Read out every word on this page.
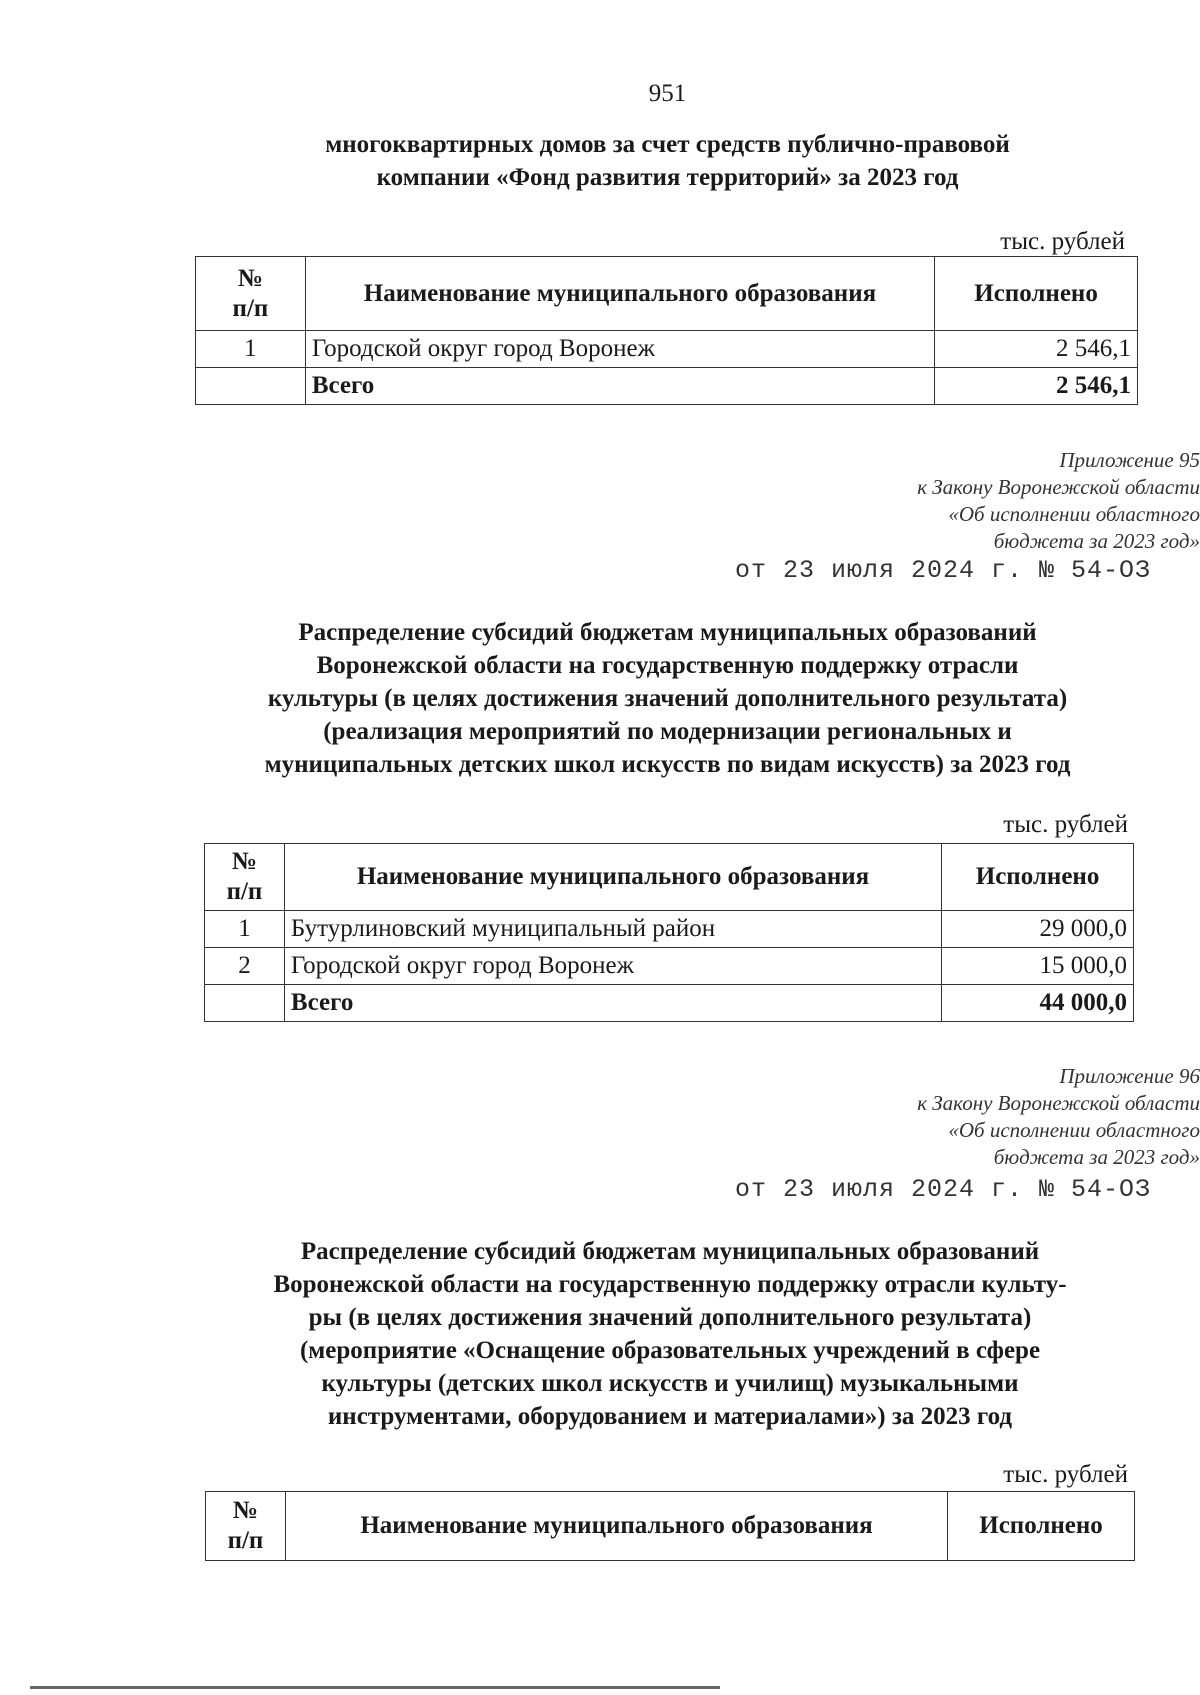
951
многоквартирных домов за счет средств публично-правовой
компании «Фонд развития территорий» за 2023 год
тыс. рублей
№
п/п	Наименование муниципального образования	Исполнено
1	Городской округ город Воронеж	2 546,1
	Всего	2 546,1
Приложение 95
к Закону Воронежской области
«Об исполнении областного
бюджета за 2023 год»
от 23 июля 2024 г. № 54-ОЗ
Распределение субсидий бюджетам муниципальных образований
Воронежской области на государственную поддержку отрасли
культуры (в целях достижения значений дополнительного результата)
(реализация мероприятий по модернизации региональных и
муниципальных детских школ искусств по видам искусств) за 2023 год
тыс. рублей
№
п/п	Наименование муниципального образования	Исполнено
1	Бутурлиновский муниципальный район	29 000,0
2	Городской округ город Воронеж	15 000,0
	Всего	44 000,0
Приложение 96
к Закону Воронежской области
«Об исполнении областного
бюджета за 2023 год»
от 23 июля 2024 г. № 54-ОЗ
Распределение субсидий бюджетам муниципальных образований
Воронежской области на государственную поддержку отрасли культу-
ры (в целях достижения значений дополнительного результата)
(мероприятие «Оснащение образовательных учреждений в сфере
культуры (детских школ искусств и училищ) музыкальными
инструментами, оборудованием и материалами») за 2023 год
тыс. рублей
№
п/п	Наименование муниципального образования	Исполнено
